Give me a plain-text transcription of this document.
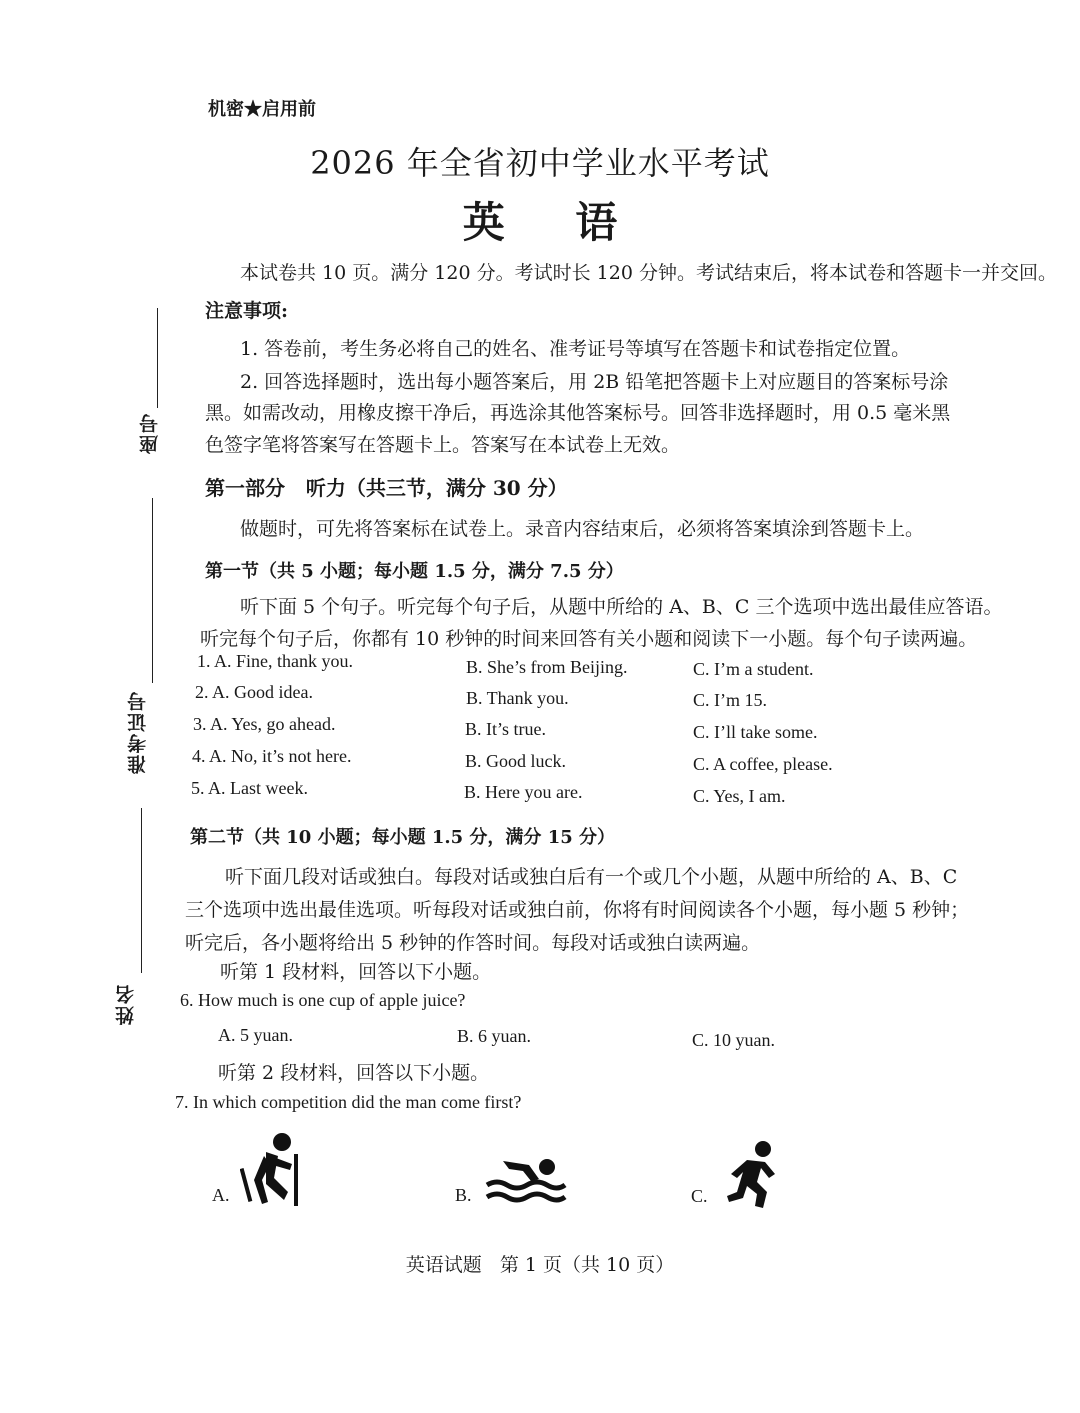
座号
准考证号
姓名
机密★启用前
2026 年全省初中学业水平考试
英 语
本试卷共 10 页。满分 120 分。考试时长 120 分钟。考试结束后，将本试卷和答题卡一并交回。
注意事项:
1. 答卷前，考生务必将自己的姓名、准考证号等填写在答题卡和试卷指定位置。
2. 回答选择题时，选出每小题答案后，用 2B 铅笔把答题卡上对应题目的答案标号涂
黑。如需改动，用橡皮擦干净后，再选涂其他答案标号。回答非选择题时，用 0.5 毫米黑
色签字笔将答案写在答题卡上。答案写在本试卷上无效。
第一部分   听力（共三节，满分 30 分）
做题时，可先将答案标在试卷上。录音内容结束后，必须将答案填涂到答题卡上。
第一节（共 5 小题；每小题 1.5 分，满分 7.5 分）
听下面 5 个句子。听完每个句子后，从题中所给的 A、B、C 三个选项中选出最佳应答语。
听完每个句子后，你都有 10 秒钟的时间来回答有关小题和阅读下一小题。每个句子读两遍。
1. A. Fine, thank you.	B. She’s from Beijing.	C. I’m a student.
2. A. Good idea.	B. Thank you.	C. I’m 15.
3. A. Yes, go ahead.	B. It’s true.	C. I’ll take some.
4. A. No, it’s not here.	B. Good luck.	C. A coffee, please.
5. A. Last week.	B. Here you are.	C. Yes, I am.
第二节（共 10 小题；每小题 1.5 分，满分 15 分）
听下面几段对话或独白。每段对话或独白后有一个或几个小题，从题中所给的 A、B、C
三个选项中选出最佳选项。听每段对话或独白前，你将有时间阅读各个小题，每小题 5 秒钟；
听完后，各小题将给出 5 秒钟的作答时间。每段对话或独白读两遍。
听第 1 段材料，回答以下小题。
6. How much is one cup of apple juice?
A. 5 yuan.	B. 6 yuan.	C. 10 yuan.
听第 2 段材料，回答以下小题。
7. In which competition did the man come first?
A.	B.	C.
英语试题   第 1 页（共 10 页）
